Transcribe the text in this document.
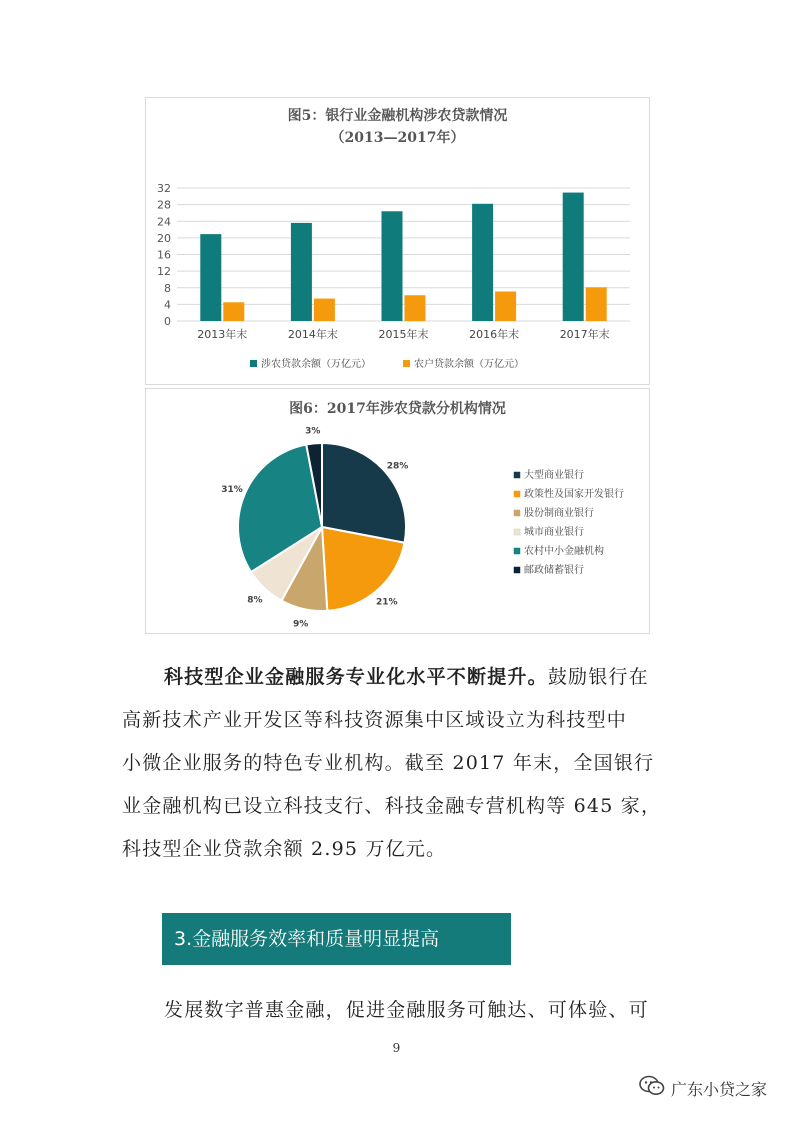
图5：银行业金融机构涉农贷款情况
（2013—2017年）
0
4
8
12
16
20
24
28
32
2013年末	2014年末	2015年末	2016年末	2017年末
涉农贷款余额（万亿元）	农户贷款余额（万亿元）
图6：2017年涉农贷款分机构情况
28%
21%
9%
8%
31%
3%
大型商业银行
政策性及国家开发银行
股份制商业银行
城市商业银行
农村中小金融机构
邮政储蓄银行
科技型企业金融服务专业化水平不断提升。鼓励银行在
高新技术产业开发区等科技资源集中区域设立为科技型中
小微企业服务的特色专业机构。截至 2017 年末，全国银行
业金融机构已设立科技支行、科技金融专营机构等 645 家，
科技型企业贷款余额 2.95 万亿元。
3.金融服务效率和质量明显提高
发展数字普惠金融，促进金融服务可触达、可体验、可
9
广东小贷之家
